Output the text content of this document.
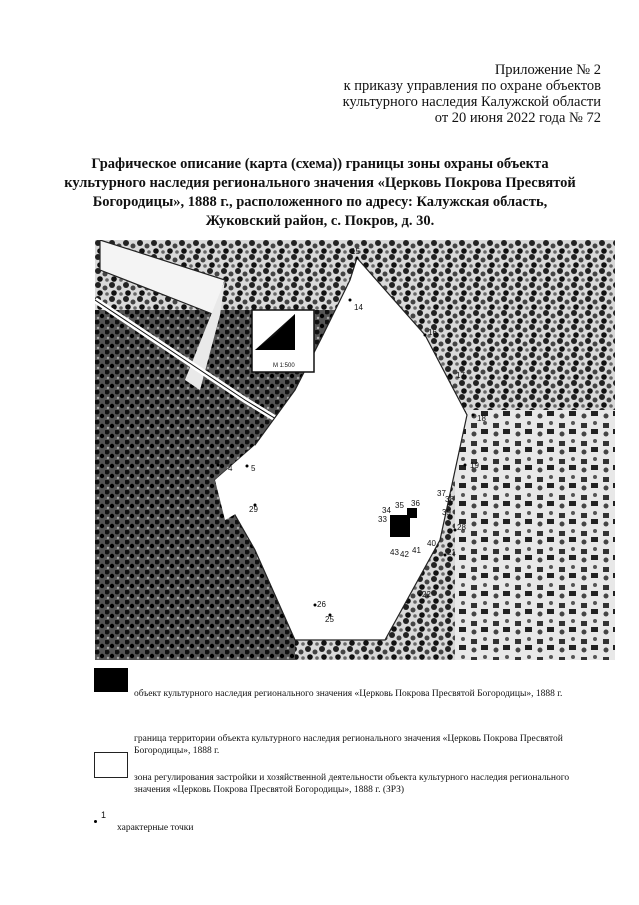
Приложение № 2
к приказу управления по охране объектов
культурного наследия Калужской области
от 20 июня 2022 года № 72
Графическое описание (карта (схема)) границы зоны охраны объекта
культурного наследия регионального значения «Церковь Покрова Пресвятой
Богородицы», 1888 г., расположенного по адресу: Калужская область,
Жуковский район, с. Покров, д. 30.
11
10
М 1:500
15
14
16
17
18
19
4 5
29	35 36
37
38
34
33
39
28
43 42 41
40
21
22
26
25
объект культурного наследия регионального значения «Церковь Покрова Пресвятой Богородицы», 1888 г.
граница территории объекта культурного наследия регионального значения «Церковь Покрова Пресвятой
Богородицы», 1888 г.
зона регулирования застройки и хозяйственной деятельности объекта культурного наследия регионального
значения «Церковь Покрова Пресвятой Богородицы», 1888 г. (ЗРЗ)
1
характерные точки
